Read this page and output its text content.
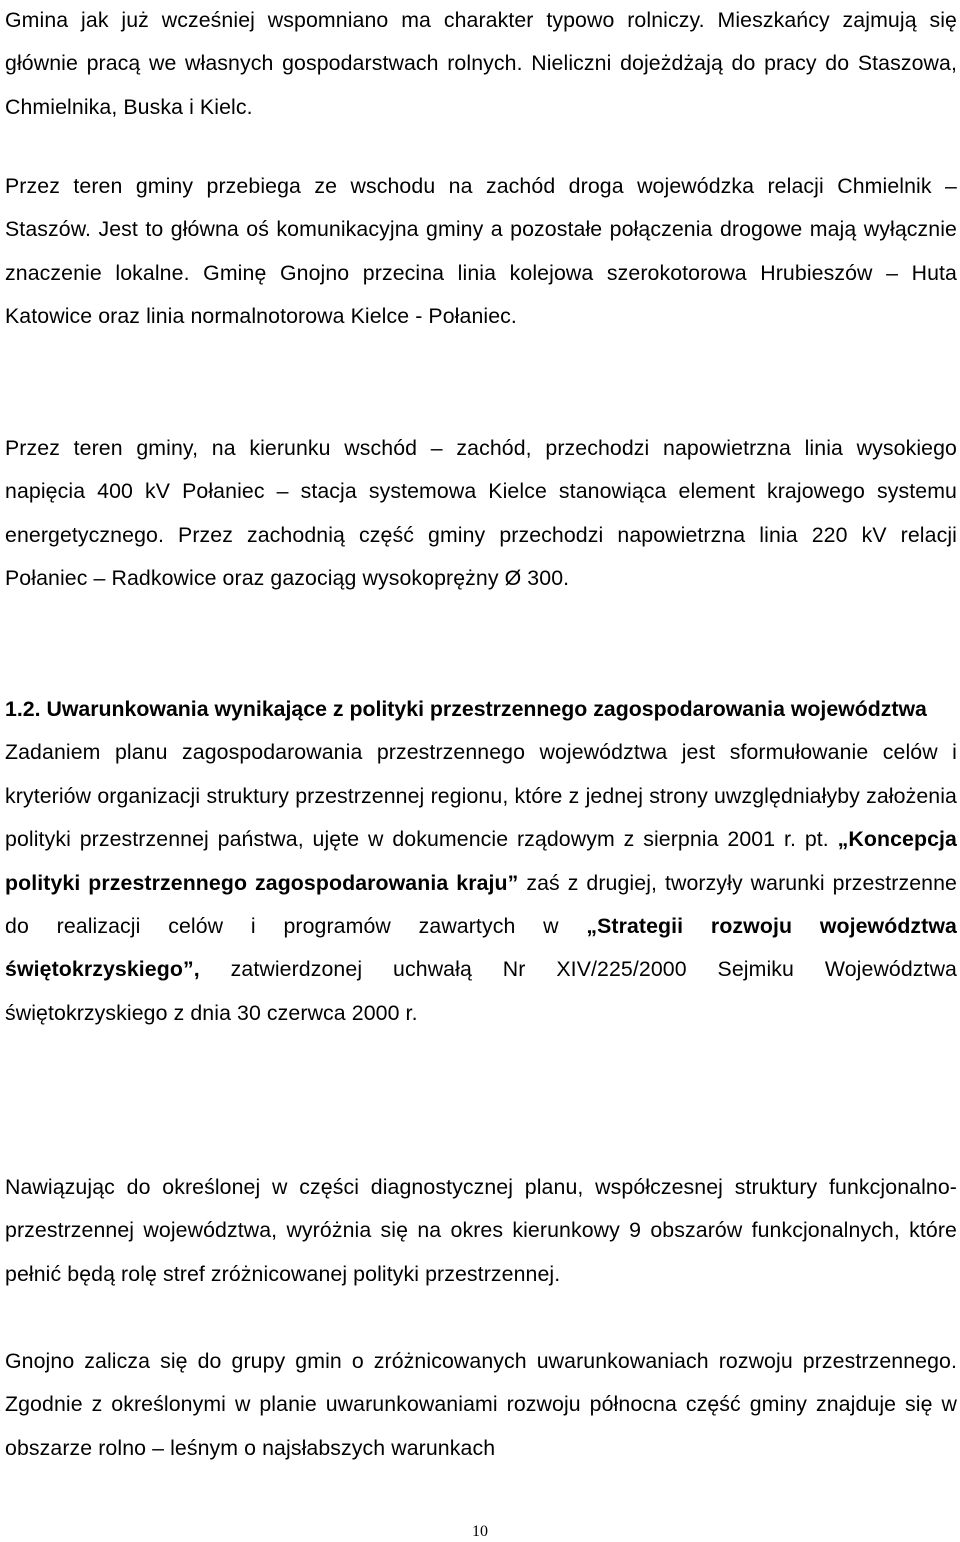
Gmina jak już wcześniej wspomniano ma charakter typowo rolniczy. Mieszkańcy zajmują się głównie pracą we własnych gospodarstwach rolnych. Nieliczni dojeżdżają do pracy do Staszowa, Chmielnika, Buska i Kielc.

Przez teren gminy przebiega ze wschodu na zachód droga wojewódzka relacji Chmielnik – Staszów. Jest to główna oś komunikacyjna gminy a pozostałe połączenia drogowe mają wyłącznie znaczenie lokalne. Gminę Gnojno przecina linia kolejowa szerokotorowa Hrubieszów – Huta Katowice oraz linia normalnotorowa Kielce - Połaniec.

Przez teren gminy, na kierunku wschód – zachód, przechodzi napowietrzna linia wysokiego napięcia 400 kV Połaniec – stacja systemowa Kielce stanowiąca element krajowego systemu energetycznego. Przez zachodnią część gminy przechodzi napowietrzna linia 220 kV relacji Połaniec – Radkowice oraz gazociąg wysokoprężny Ø 300.

1.2. Uwarunkowania wynikające z polityki przestrzennego zagospodarowania województwa

Zadaniem planu zagospodarowania przestrzennego województwa jest sformułowanie celów i kryteriów organizacji struktury przestrzennej regionu, które z jednej strony uwzględniałyby założenia polityki przestrzennej państwa, ujęte w dokumencie rządowym z sierpnia 2001 r. pt. „Koncepcja polityki przestrzennego zagospodarowania kraju” zaś z drugiej, tworzyły warunki przestrzenne do realizacji celów i programów zawartych w „Strategii rozwoju województwa świętokrzyskiego”, zatwierdzonej uchwałą Nr XIV/225/2000 Sejmiku Województwa świętokrzyskiego z dnia 30 czerwca 2000 r.

Nawiązując do określonej w części diagnostycznej planu, współczesnej struktury funkcjonalno-przestrzennej województwa, wyróżnia się na okres kierunkowy 9 obszarów funkcjonalnych, które pełnić będą rolę stref zróżnicowanej polityki przestrzennej.

Gnojno zalicza się do grupy gmin o zróżnicowanych uwarunkowaniach rozwoju przestrzennego. Zgodnie z określonymi w planie uwarunkowaniami rozwoju północna część gminy znajduje się w obszarze rolno – leśnym o najsłabszych warunkach

10
